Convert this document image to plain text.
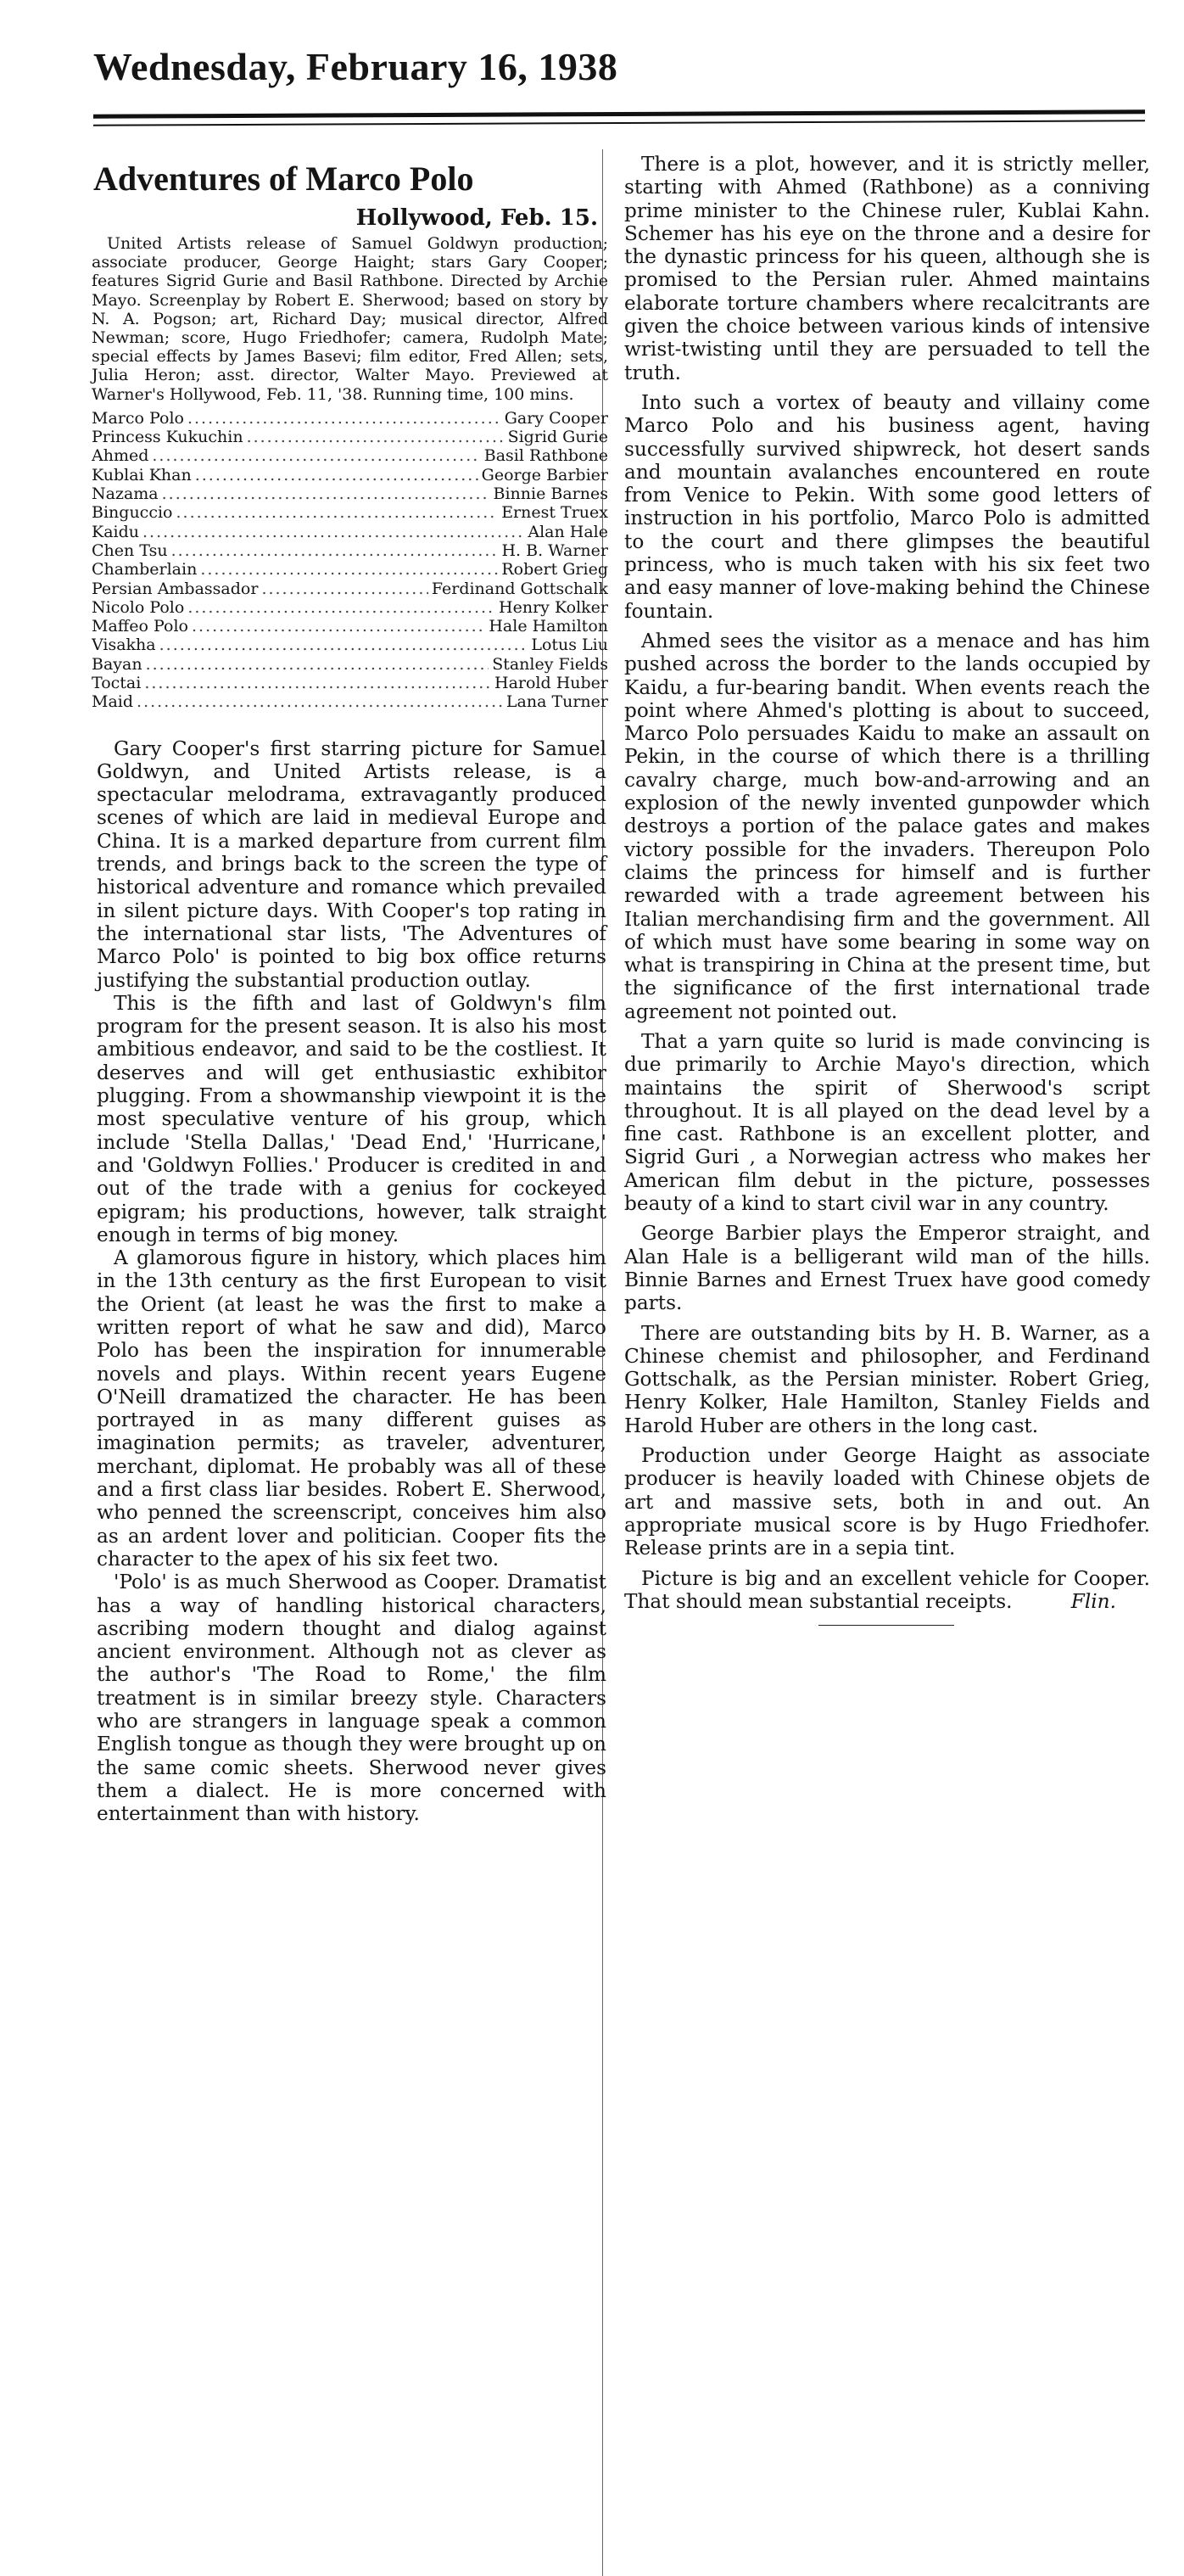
Wednesday, February 16, 1938
Adventures of Marco Polo
Hollywood, Feb. 15.
United Artists release of Samuel Goldwyn production; associate producer, George Haight; stars Gary Cooper; features Sigrid Gurie and Basil Rathbone. Directed by Archie Mayo. Screenplay by Robert E. Sherwood; based on story by N. A. Pogson; art, Richard Day; musical director, Alfred Newman; score, Hugo Friedhofer; camera, Rudolph Mate; special effects by James Basevi; film editor, Fred Allen; sets, Julia Heron; asst. director, Walter Mayo. Previewed at Warner's Hollywood, Feb. 11, '38. Running time, 100 mins.
Marco Polo .....	Gary Cooper
Princess Kukuchin .....	Sigrid Gurie
Ahmed .....	Basil Rathbone
Kublai Khan .....	George Barbier
Nazama .....	Binnie Barnes
Binguccio .....	Ernest Truex
Kaidu .....	Alan Hale
Chen Tsu .....	H. B. Warner
Chamberlain .....	Robert Grieg
Persian Ambassador .....	Ferdinand Gottschalk
Nicolo Polo .....	Henry Kolker
Maffeo Polo .....	Hale Hamilton
Visakha .....	Lotus Liu
Bayan .....	Stanley Fields
Toctai .....	Harold Huber
Maid .....	Lana Turner

Gary Cooper's first starring picture for Samuel Goldwyn, and United Artists release, is a spectacular melodrama, extravagantly produced scenes of which are laid in medieval Europe and China. It is a marked departure from current film trends, and brings back to the screen the type of historical adventure and romance which prevailed in silent picture days. With Cooper's top rating in the international star lists, 'The Adventures of Marco Polo' is pointed to big box office returns justifying the substantial production outlay.

This is the fifth and last of Goldwyn's film program for the present season. It is also his most ambitious endeavor, and said to be the costliest. It deserves and will get enthusiastic exhibitor plugging. From a showmanship viewpoint it is the most speculative venture of his group, which include 'Stella Dallas,' 'Dead End,' 'Hurricane,' and 'Goldwyn Follies.' Producer is credited in and out of the trade with a genius for cockeyed epigram; his productions, however, talk straight enough in terms of big money.

A glamorous figure in history, which places him in the 13th century as the first European to visit the Orient (at least he was the first to make a written report of what he saw and did), Marco Polo has been the inspiration for innumerable novels and plays. Within recent years Eugene O'Neill dramatized the character. He has been portrayed in as many different guises as imagination permits; as traveler, adventurer, merchant, diplomat. He probably was all of these and a first class liar besides. Robert E. Sherwood, who penned the screenscript, conceives him also as an ardent lover and politician. Cooper fits the character to the apex of his six feet two.

'Polo' is as much Sherwood as Cooper. Dramatist has a way of handling historical characters, ascribing modern thought and dialog against ancient environment. Although not as clever as the author's 'The Road to Rome,' the film treatment is in similar breezy style. Characters who are strangers in language speak a common English tongue as though they were brought up on the same comic sheets. Sherwood never gives them a dialect. He is more concerned with entertainment than with history.

There is a plot, however, and it is strictly meller, starting with Ahmed (Rathbone) as a conniving prime minister to the Chinese ruler, Kublai Kahn. Schemer has his eye on the throne and a desire for the dynastic princess for his queen, although she is promised to the Persian ruler. Ahmed maintains elaborate torture chambers where recalcitrants are given the choice between various kinds of intensive wrist-twisting until they are persuaded to tell the truth.

Into such a vortex of beauty and villainy come Marco Polo and his business agent, having successfully survived shipwreck, hot desert sands and mountain avalanches encountered en route from Venice to Pekin. With some good letters of instruction in his portfolio, Marco Polo is admitted to the court and there glimpses the beautiful princess, who is much taken with his six feet two and easy manner of love-making behind the Chinese fountain.

Ahmed sees the visitor as a menace and has him pushed across the border to the lands occupied by Kaidu, a fur-bearing bandit. When events reach the point where Ahmed's plotting is about to succeed, Marco Polo persuades Kaidu to make an assault on Pekin, in the course of which there is a thrilling cavalry charge, much bow-and-arrowing and an explosion of the newly invented gunpowder which destroys a portion of the palace gates and makes victory possible for the invaders. Thereupon Polo claims the princess for himself and is further rewarded with a trade agreement between his Italian merchandising firm and the government. All of which must have some bearing in some way on what is transpiring in China at the present time, but the significance of the first international trade agreement not pointed out.

That a yarn quite so lurid is made convincing is due primarily to Archie Mayo's direction, which maintains the spirit of Sherwood's script throughout. It is all played on the dead level by a fine cast. Rathbone is an excellent plotter, and Sigrid Guri , a Norwegian actress who makes her American film debut in the picture, possesses beauty of a kind to start civil war in any country.

George Barbier plays the Emperor straight, and Alan Hale is a belligerant wild man of the hills. Binnie Barnes and Ernest Truex have good comedy parts.

There are outstanding bits by H. B. Warner, as a Chinese chemist and philosopher, and Ferdinand Gottschalk, as the Persian minister. Robert Grieg, Henry Kolker, Hale Hamilton, Stanley Fields and Harold Huber are others in the long cast.

Production under George Haight as associate producer is heavily loaded with Chinese objets de art and massive sets, both in and out. An appropriate musical score is by Hugo Friedhofer. Release prints are in a sepia tint.

Picture is big and an excellent vehicle for Cooper. That should mean substantial receipts.	Flin.
